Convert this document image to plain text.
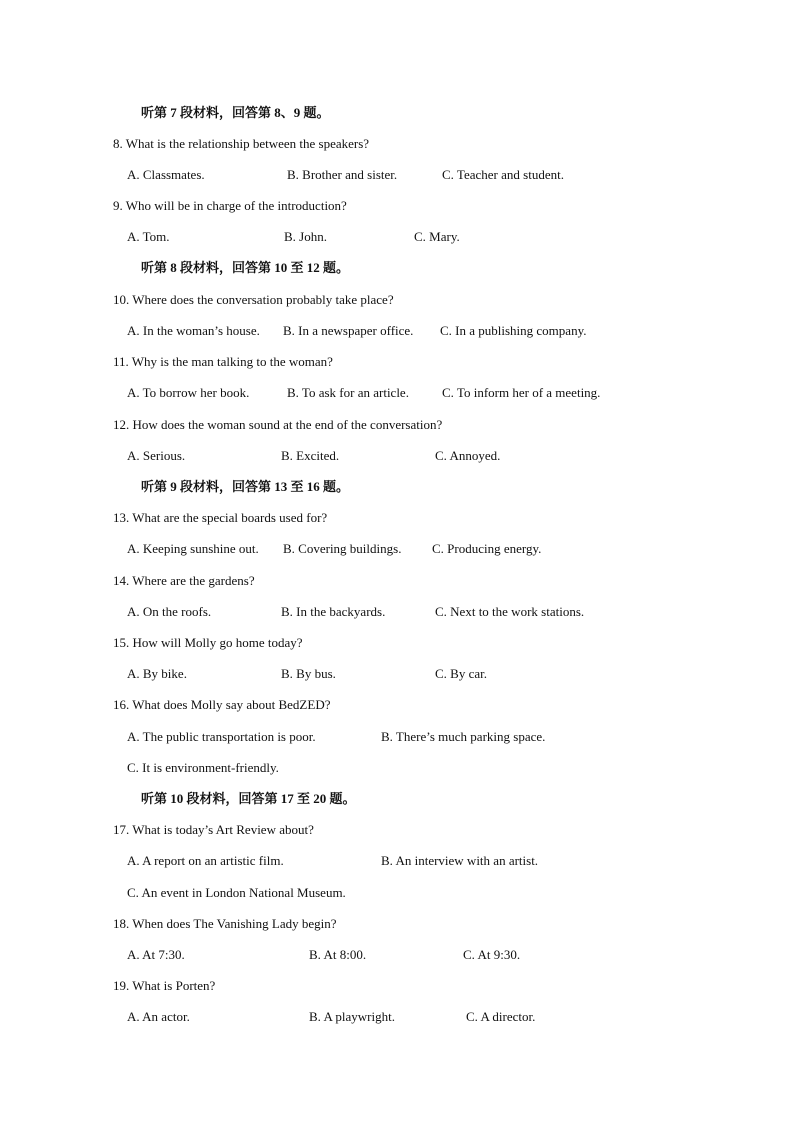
听第 7 段材料，回答第 8、9 题。
8. What is the relationship between the speakers?
A. Classmates.	B. Brother and sister.	C. Teacher and student.
9. Who will be in charge of the introduction?
A. Tom.	B. John.	C. Mary.
听第 8 段材料，回答第 10 至 12 题。
10. Where does the conversation probably take place?
A. In the woman’s house. B. In a newspaper office. C. In a publishing company.
11. Why is the man talking to the woman?
A. To borrow her book.	B. To ask for an article.	C. To inform her of a meeting.
12. How does the woman sound at the end of the conversation?
A. Serious.	B. Excited.	C. Annoyed.
听第 9 段材料，回答第 13 至 16 题。
13. What are the special boards used for?
A. Keeping sunshine out. B. Covering buildings. C. Producing energy.
14. Where are the gardens?
A. On the roofs.	B. In the backyards.	C. Next to the work stations.
15. How will Molly go home today?
A. By bike.	B. By bus.	C. By car.
16. What does Molly say about BedZED?
A. The public transportation is poor.	B. There’s much parking space.
C. It is environment-friendly.
听第 10 段材料，回答第 17 至 20 题。
17. What is today’s Art Review about?
A. A report on an artistic film.	B. An interview with an artist.
C. An event in London National Museum.
18. When does The Vanishing Lady begin?
A. At 7:30.	B. At 8:00.	C. At 9:30.
19. What is Porten?
A. An actor.	B. A playwright.	C. A director.
